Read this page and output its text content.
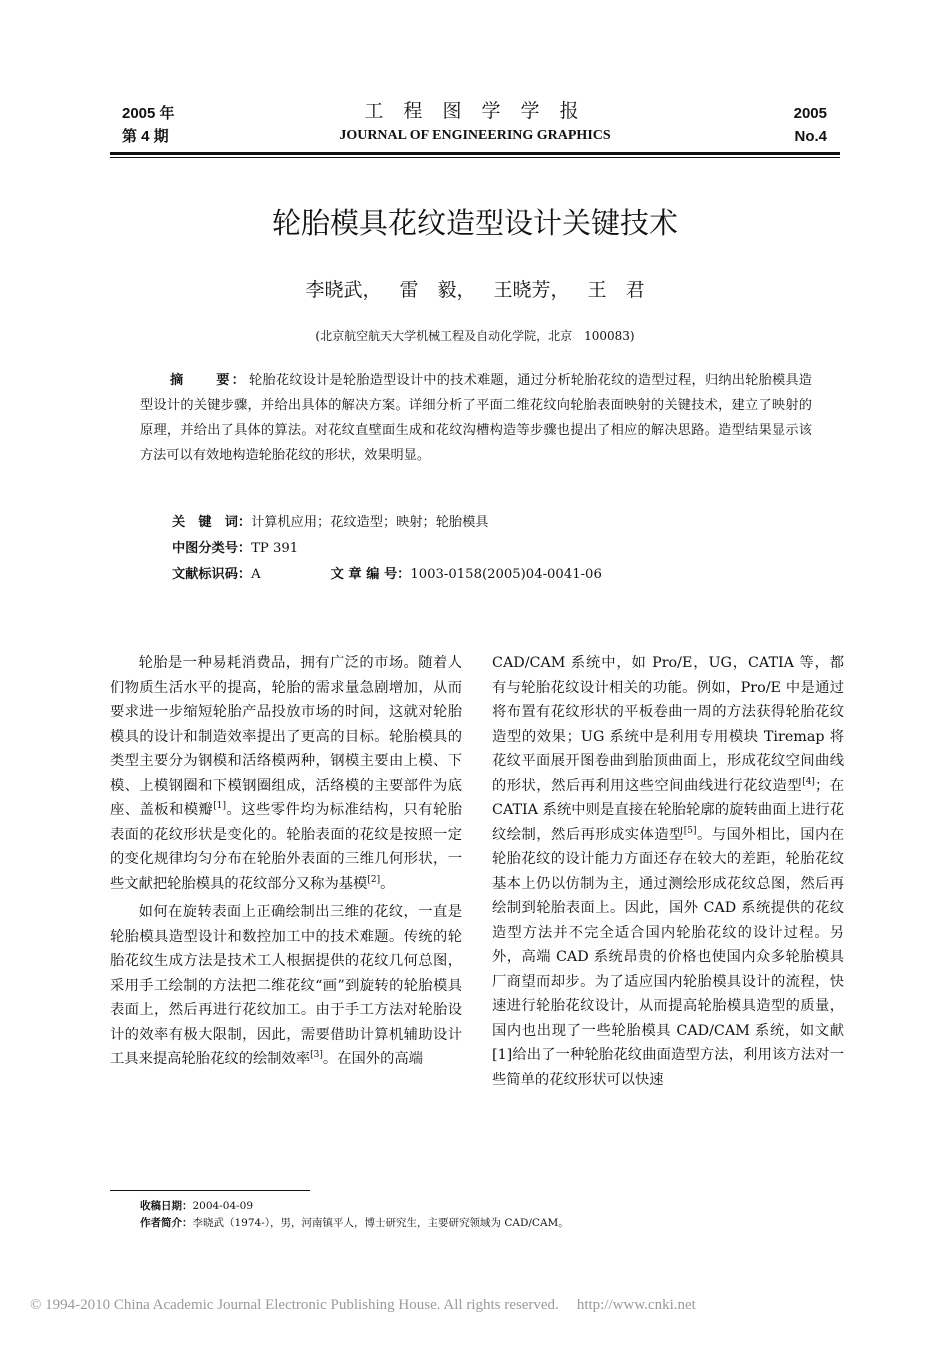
2005 年
第 4 期
工 程 图 学 学 报
JOURNAL OF ENGINEERING GRAPHICS
2005
No.4
轮胎模具花纹造型设计关键技术
李晓武， 雷　毅， 王晓芳， 王　君
(北京航空航天大学机械工程及自动化学院，北京　100083)
摘　　要： 轮胎花纹设计是轮胎造型设计中的技术难题，通过分析轮胎花纹的造型过程，归纳出轮胎模具造型设计的关键步骤，并给出具体的解决方案。详细分析了平面二维花纹向轮胎表面映射的关键技术，建立了映射的原理，并给出了具体的算法。对花纹直壁面生成和花纹沟槽构造等步骤也提出了相应的解决思路。造型结果显示该方法可以有效地构造轮胎花纹的形状，效果明显。
关　键　词：计算机应用；花纹造型；映射；轮胎模具
中图分类号：TP 391
文献标识码：A	文 章 编 号：1003-0158(2005)04-0041-06

轮胎是一种易耗消费品，拥有广泛的市场。随着人们物质生活水平的提高，轮胎的需求量急剧增加，从而要求进一步缩短轮胎产品投放市场的时间，这就对轮胎模具的设计和制造效率提出了更高的目标。轮胎模具的类型主要分为钢模和活络模两种，钢模主要由上模、下模、上模钢圈和下模钢圈组成，活络模的主要部件为底座、盖板和模瓣[1]。这些零件均为标准结构，只有轮胎表面的花纹形状是变化的。轮胎表面的花纹是按照一定的变化规律均匀分布在轮胎外表面的三维几何形状，一些文献把轮胎模具的花纹部分又称为基模[2]。

如何在旋转表面上正确绘制出三维的花纹，一直是轮胎模具造型设计和数控加工中的技术难题。传统的轮胎花纹生成方法是技术工人根据提供的花纹几何总图，采用手工绘制的方法把二维花纹“画”到旋转的轮胎模具表面上，然后再进行花纹加工。由于手工方法对轮胎设计的效率有极大限制，因此，需要借助计算机辅助设计工具来提高轮胎花纹的绘制效率[3]。在国外的高端

CAD/CAM 系统中，如 Pro/E，UG，CATIA 等，都有与轮胎花纹设计相关的功能。例如，Pro/E 中是通过将布置有花纹形状的平板卷曲一周的方法获得轮胎花纹造型的效果；UG 系统中是利用专用模块 Tiremap 将花纹平面展开图卷曲到胎顶曲面上，形成花纹空间曲线的形状，然后再利用这些空间曲线进行花纹造型[4]；在 CATIA 系统中则是直接在轮胎轮廓的旋转曲面上进行花纹绘制，然后再形成实体造型[5]。与国外相比，国内在轮胎花纹的设计能力方面还存在较大的差距，轮胎花纹基本上仍以仿制为主，通过测绘形成花纹总图，然后再绘制到轮胎表面上。因此，国外 CAD 系统提供的花纹造型方法并不完全适合国内轮胎花纹的设计过程。另外，高端 CAD 系统昂贵的价格也使国内众多轮胎模具厂商望而却步。为了适应国内轮胎模具设计的流程，快速进行轮胎花纹设计，从而提高轮胎模具造型的质量，国内也出现了一些轮胎模具 CAD/CAM 系统，如文献[1]给出了一种轮胎花纹曲面造型方法，利用该方法对一些简单的花纹形状可以快速

收稿日期：2004-04-09
作者简介：李晓武（1974-），男，河南镇平人，博士研究生，主要研究领域为 CAD/CAM。
© 1994-2010 China Academic Journal Electronic Publishing House. All rights reserved. http://www.cnki.net
